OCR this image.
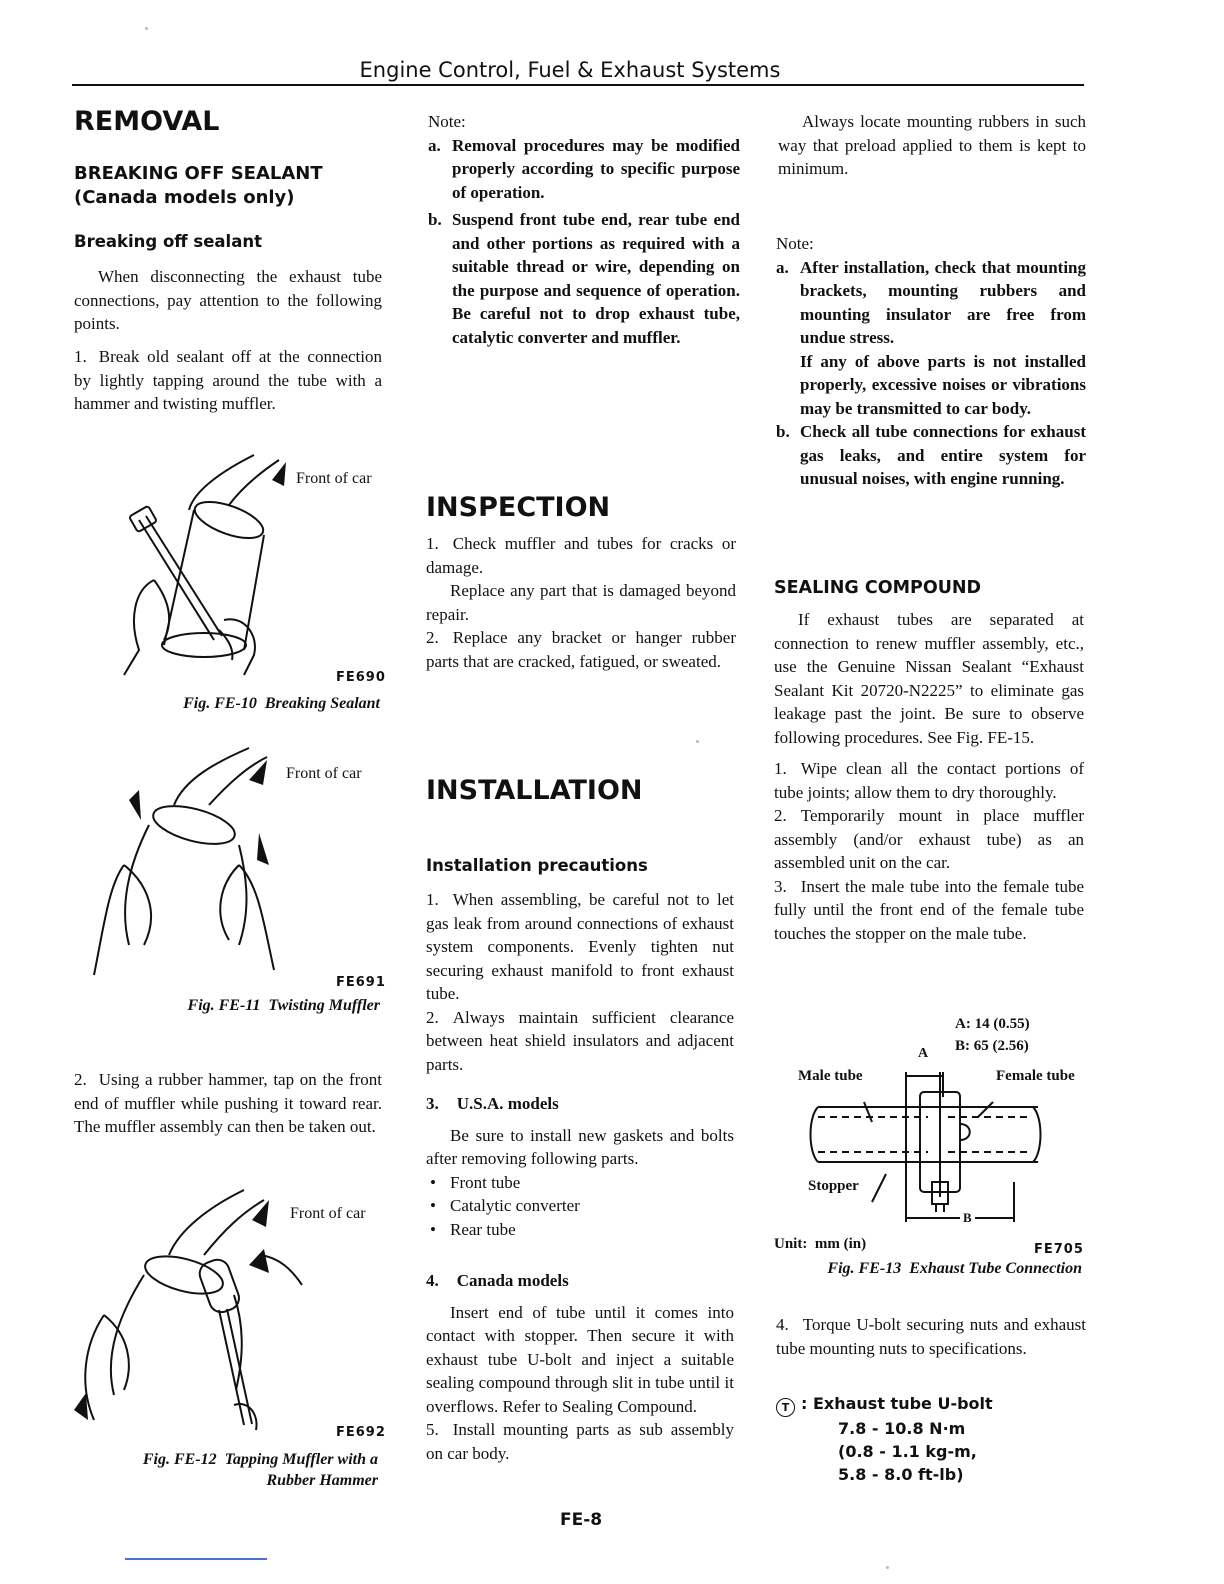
Engine Control, Fuel & Exhaust Systems
REMOVAL
BREAKING OFF SEALANT
(Canada models only)
Breaking off sealant

When disconnecting the exhaust tube connections, pay attention to the following points.

1. Break old sealant off at the connection by lightly tapping around the tube with a hammer and twisting muffler.
Front of car
FE690
Fig. FE-10  Breaking Sealant
Front of car
FE691
Fig. FE-11  Twisting Muffler
2. Using a rubber hammer, tap on the front end of muffler while pushing it toward rear. The muffler assembly can then be taken out.
Front of car
FE692
Fig. FE-12  Tapping Muffler with a
Rubber Hammer
Note:
a. Removal procedures may be modified properly according to specific purpose of operation.
b. Suspend front tube end, rear tube end and other portions as required with a suitable thread or wire, depending on the purpose and sequence of operation. Be careful not to drop exhaust tube, catalytic converter and muffler.
INSPECTION

1. Check muffler and tubes for cracks or damage.

Replace any part that is damaged beyond repair.

2. Replace any bracket or hanger rubber parts that are cracked, fatigued, or sweated.

INSTALLATION
Installation precautions

1. When assembling, be careful not to let gas leak from around connections of exhaust system components. Evenly tighten nut securing exhaust manifold to front exhaust tube.

2. Always maintain sufficient clearance between heat shield insulators and adjacent parts.

3. U.S.A. models

Be sure to install new gaskets and bolts after removing following parts.

• Front tube
• Catalytic converter
• Rear tube

4. Canada models

Insert end of tube until it comes into contact with stopper. Then secure it with exhaust tube U-bolt and inject a suitable sealing compound through slit in tube until it overflows. Refer to Sealing Compound.

5. Install mounting parts as sub assembly on car body.

Always locate mounting rubbers in such way that preload applied to them is kept to minimum.

Note:
a. After installation, check that mounting brackets, mounting rubbers and mounting insulator are free from undue stress.
If any of above parts is not installed properly, excessive noises or vibrations may be transmitted to car body.
b. Check all tube connections for exhaust gas leaks, and entire system for unusual noises, with engine running.
SEALING COMPOUND

If exhaust tubes are separated at connection to renew muffler assembly, etc., use the Genuine Nissan Sealant “Exhaust Sealant Kit 20720-N2225” to eliminate gas leakage past the joint. Be sure to observe following procedures. See Fig. FE-15.

1. Wipe clean all the contact portions of tube joints; allow them to dry thoroughly.

2. Temporarily mount in place muffler assembly (and/or exhaust tube) as an assembled unit on the car.

3. Insert the male tube into the female tube fully until the front end of the female tube touches the stopper on the male tube.

A: 14 (0.55)
B: 65 (2.56)
A
Male tube	Female tube
Stopper
B
Unit:  mm (in)	FE705
Fig. FE-13  Exhaust Tube Connection

4. Torque U-bolt securing nuts and exhaust tube mounting nuts to specifications.

T : Exhaust tube U-bolt
7.8 - 10.8 N·m
(0.8 - 1.1 kg-m,
5.8 - 8.0 ft-lb)
FE-8
